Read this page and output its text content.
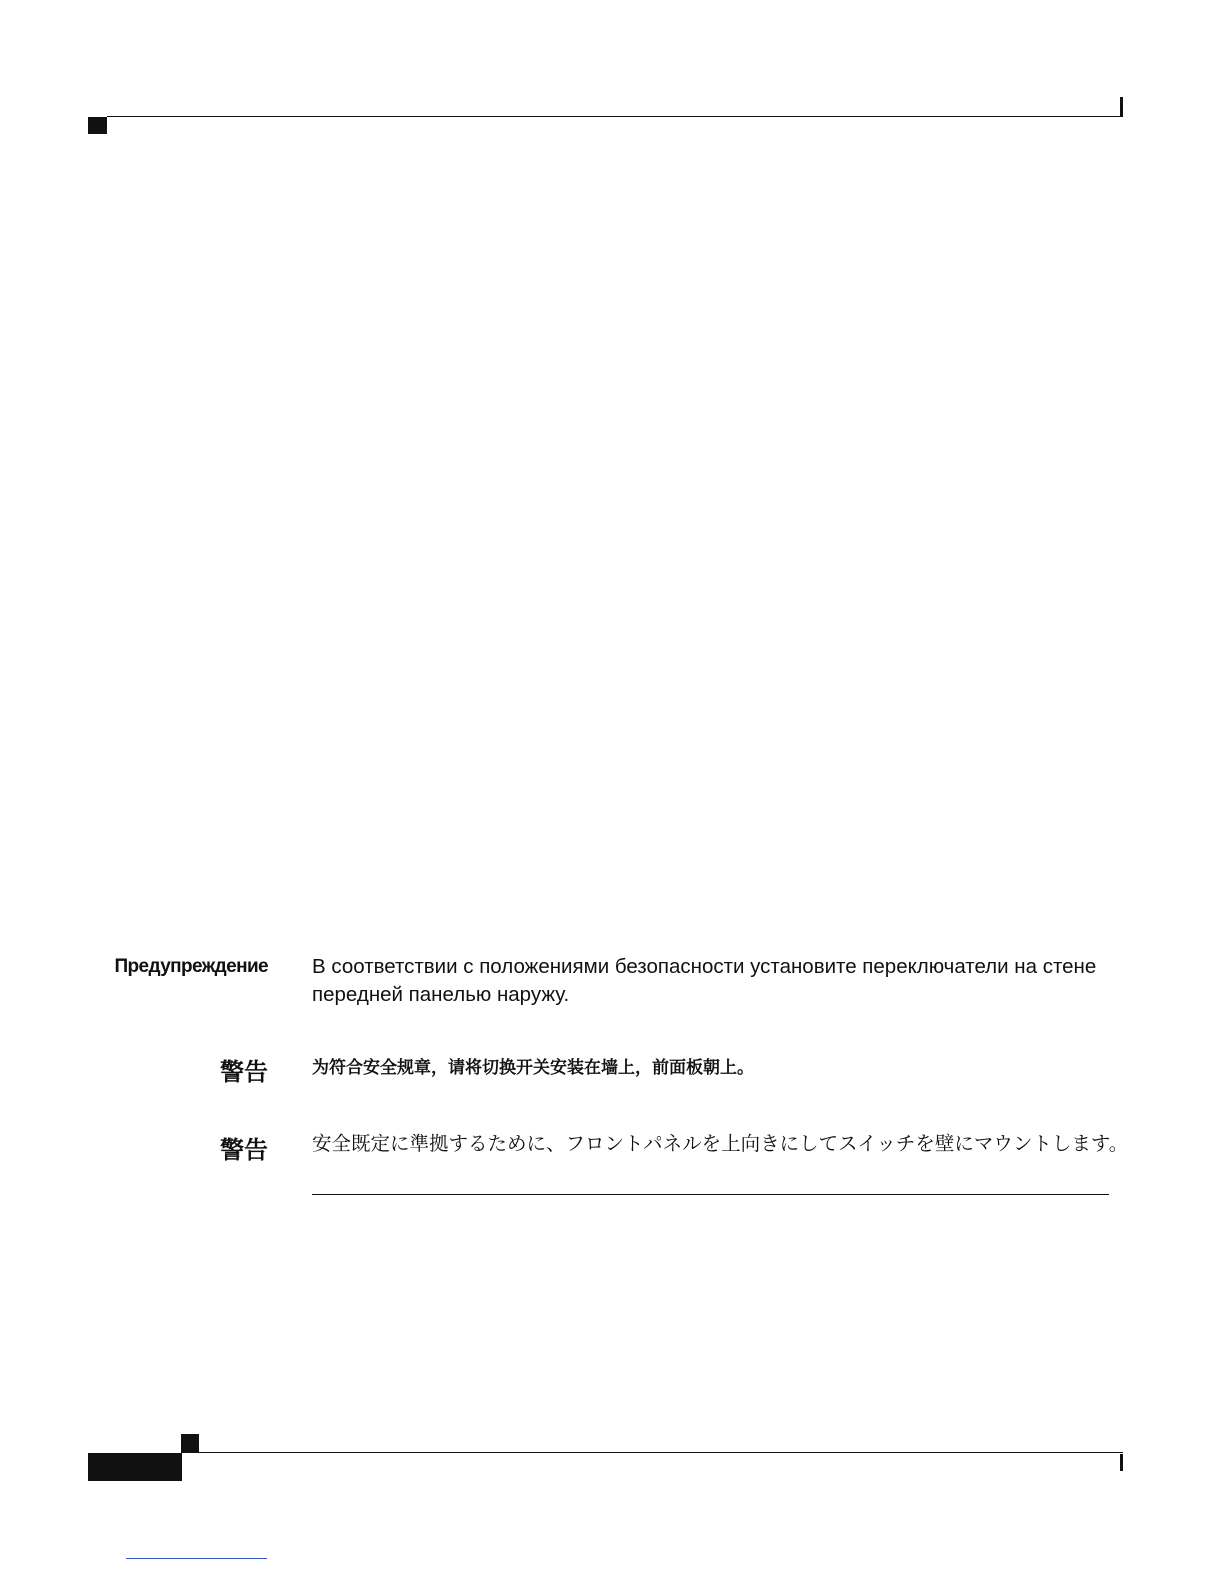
Предупреждение В соответствии с положениями безопасности установите переключатели на стене передней панелью наружу.
警告	为符合安全规章，请将切换开关安装在墙上，前面板朝上。
警告 安全既定に準拠するために、フロントパネルを上向きにしてスイッチを壁にマウントします。
